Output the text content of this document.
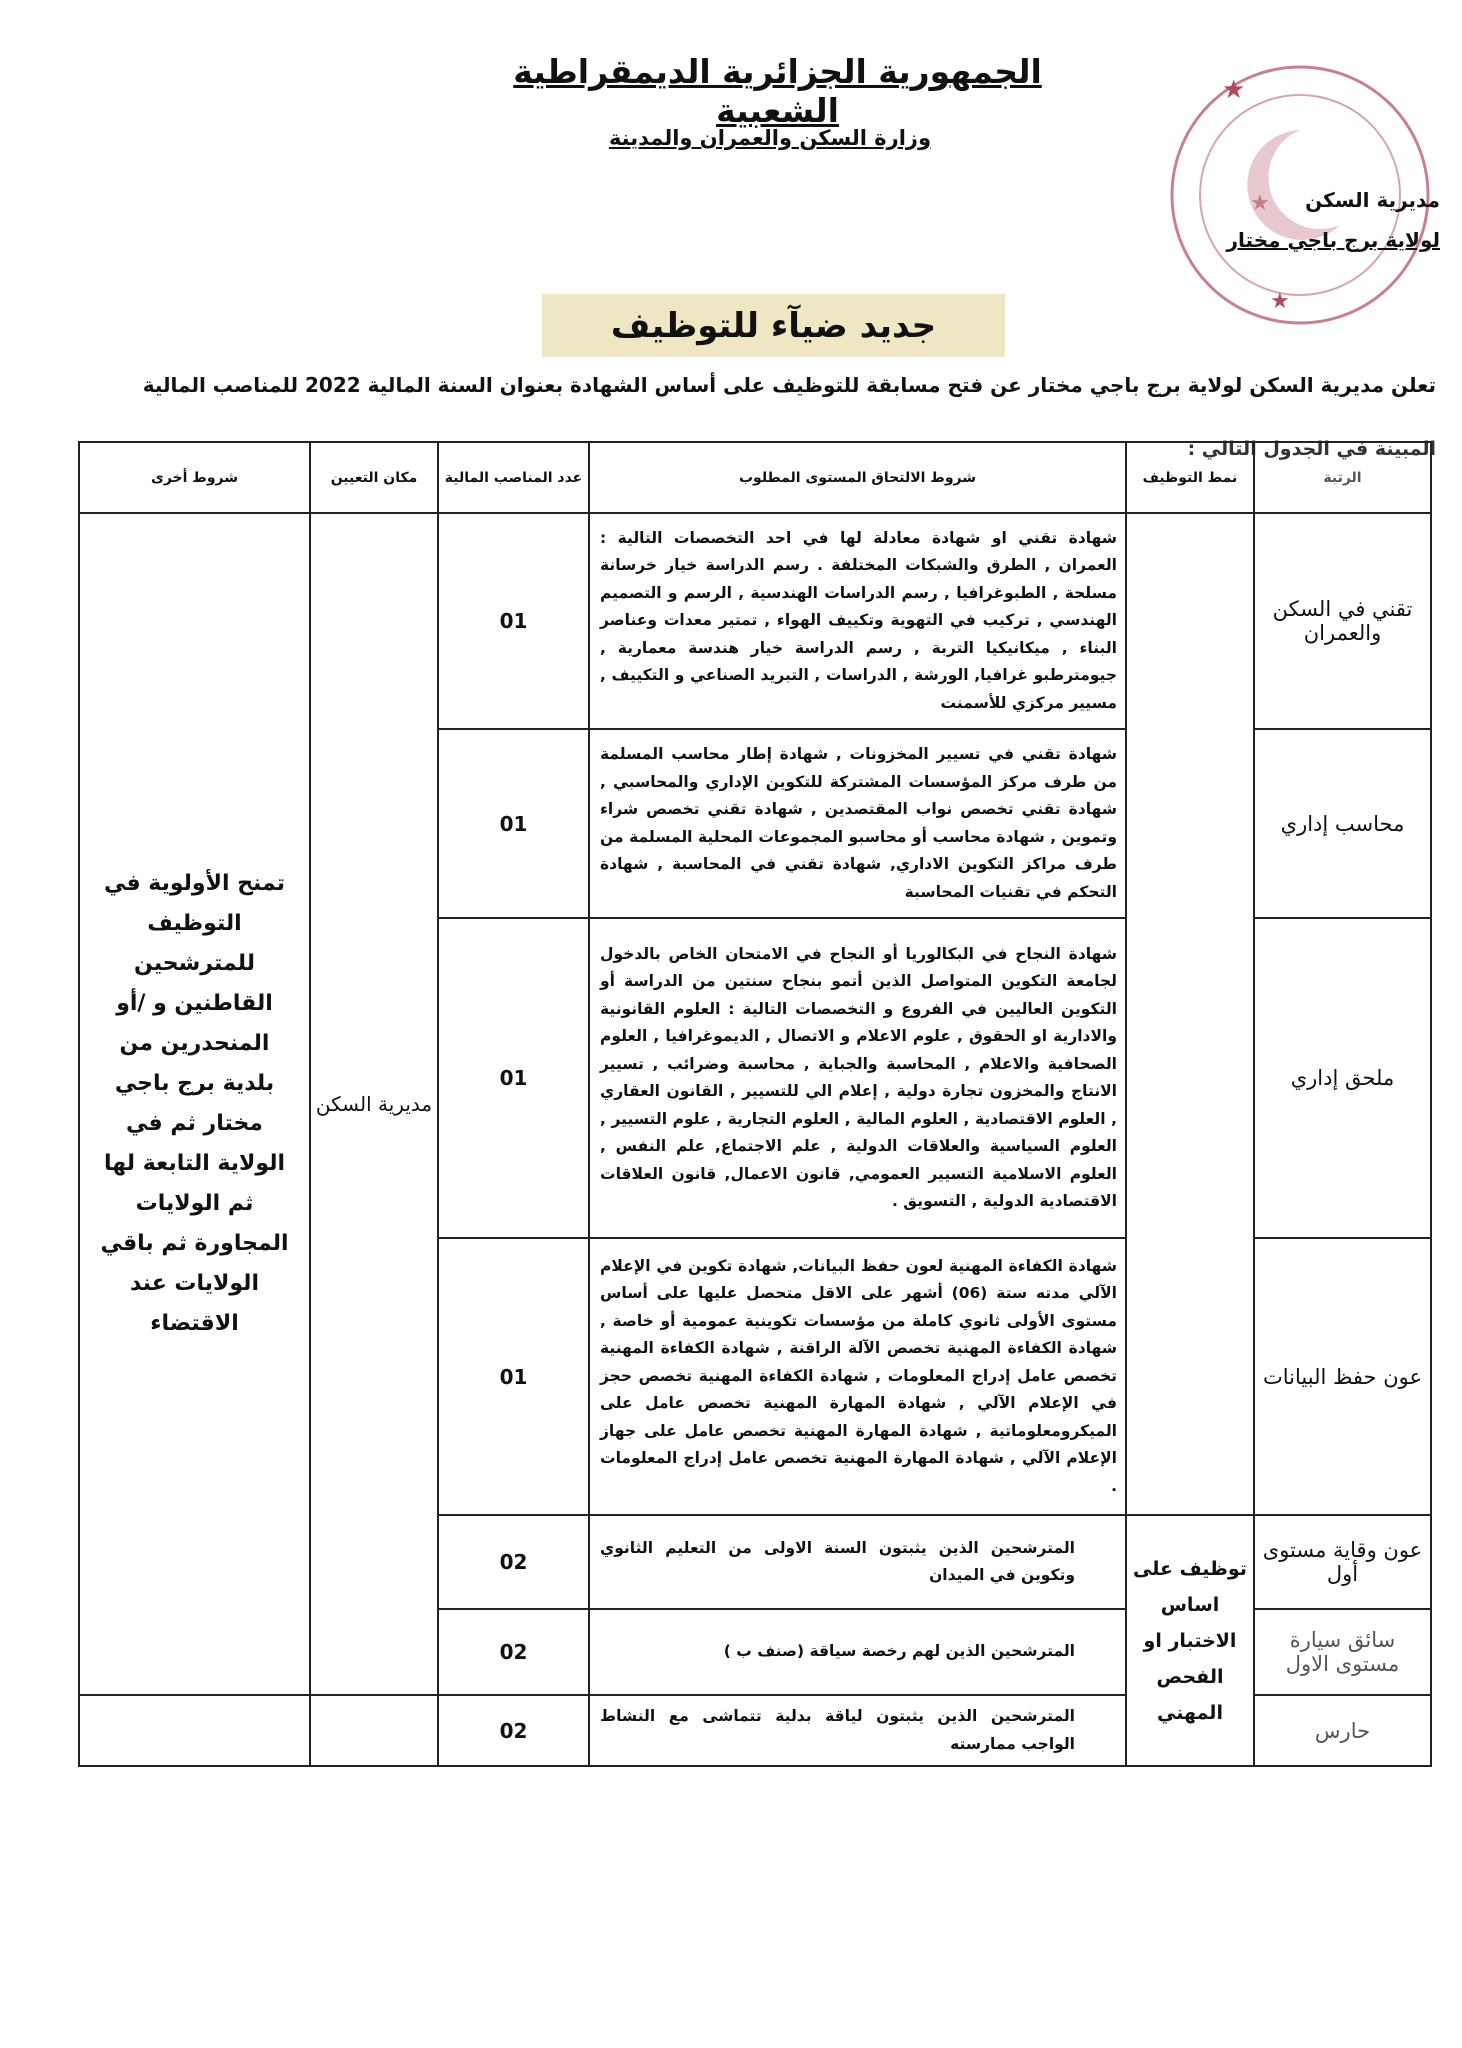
الجمهورية الجزائرية الديمقراطية الشعبية
وزارة السكن والعمران والمدينة
★
★
★ مديرية السكن
لولاية برج باجي مختار
جديد ضيآء للتوظيف
تعلن مديرية السكن لولاية برج باجي مختار عن فتح مسابقة للتوظيف على أساس الشهادة بعنوان السنة المالية 2022 للمناصب المالية
المبينة في الجدول التالي :
الرتبة	نمط التوظيف	شروط الالتحاق المستوى المطلوب	عدد المناصب المالية	مكان التعيين	شروط أخرى
تقني في السكن والعمران		شهادة تقني او شهادة معادلة لها في احد التخصصات التالية : العمران , الطرق والشبكات المختلفة . رسم الدراسة خيار خرسانة مسلحة , الطبوغرافيا , رسم الدراسات الهندسية , الرسم و التصميم الهندسي , تركيب في التهوية وتكييف الهواء , تمتير معدات وعناصر البناء , ميكانيكيا التربة , رسم الدراسة خيار هندسة معمارية , جيومترطبو غرافيا, الورشة , الدراسات , التبريد الصناعي و التكييف , مسيير مركزي للأسمنت	01	مديرية السكن	تمنح الأولوية في التوظيف للمترشحين القاطنين و /أو المنحدرين من بلدية برج باجي مختار ثم في الولاية التابعة لها ثم الولايات المجاورة ثم باقي الولايات عند الاقتضاء
محاسب إداري		شهادة تقني في تسيير المخزونات , شهادة إطار محاسب المسلمة من طرف مركز المؤسسات المشتركة للتكوين الإداري والمحاسبي , شهادة تقني تخصص نواب المقتصدين , شهادة تقني تخصص شراء وتموين , شهادة محاسب أو محاسبو المجموعات المحلية المسلمة من طرف مراكز التكوين الاداري, شهادة تقني في المحاسبة , شهادة التحكم في تقنيات المحاسبة	01		
ملحق إداري		شهادة النجاح في البكالوريا أو النجاح في الامتحان الخاص بالدخول لجامعة التكوين المتواصل الذين أتمو بنجاح سنتين من الدراسة أو التكوين العاليين في الفروع و التخصصات التالية : العلوم القانونية والادارية او الحقوق , علوم الاعلام و الاتصال , الديموغرافيا , العلوم الصحافية والاعلام , المحاسبة والجباية , محاسبة وضرائب , تسيير الانتاج والمخزون تجارة دولية , إعلام الي للتسيير , القانون العقاري , العلوم الاقتصادية , العلوم المالية , العلوم التجارية , علوم التسيير , العلوم السياسية والعلاقات الدولية , علم الاجتماع, علم النفس , العلوم الاسلامية التسيير العمومي, قانون الاعمال, قانون العلاقات الاقتصادية الدولية , التسويق .	01		
عون حفظ البيانات		شهادة الكفاءة المهنية لعون حفظ البيانات, شهادة تكوين في الإعلام الآلي مدته ستة (06) أشهر على الاقل متحصل عليها على أساس مستوى الأولى ثانوي كاملة من مؤسسات تكوينية عمومية أو خاصة , شهادة الكفاءة المهنية تخصص الآلة الراقنة , شهادة الكفاءة المهنية تخصص عامل إدراج المعلومات , شهادة الكفاءة المهنية تخصص حجز في الإعلام الآلي , شهادة المهارة المهنية تخصص عامل على الميكرومعلوماتية , شهادة المهارة المهنية تخصص عامل على جهاز الإعلام الآلي , شهادة المهارة المهنية تخصص عامل إدراج المعلومات .	01		
عون وقاية مستوى أول	توظيف على اساس الاختبار او الفحص المهني	المترشحين الذين يثبتون السنة الاولى من التعليم الثانوي وتكوين في الميدان	02		
سائق سيارة مستوى الاول		المترشحين الذين لهم رخصة سياقة (صنف ب )	02		
حارس		المترشحين الذين يثبتون لياقة بدلية تتماشى مع النشاط الواجب ممارسته	02		
